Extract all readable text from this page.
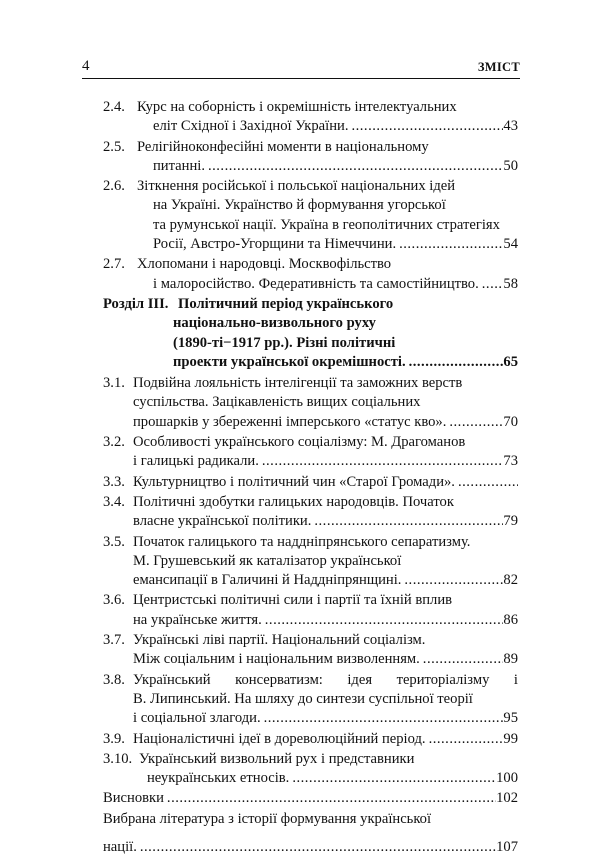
4	ЗМІСТ
2.4. Курс на соборність і окремішність інтелектуальних
еліт Східної і Західної України. .....	43
2.5. Релігійноконфесійні моменти в національному
питанні. .....	50
2.6. Зіткнення російської і польської національних ідей
на Україні. Українство й формування угорської
та румунської нації. Україна в геополітичних стратегіях
Росії, Австро-Угорщини та Німеччини. .....	54
2.7. Хлопомани і народовці. Москвофільство
і малоросійство. Федеративність та самостійництво. ..... 58
Розділ III. Політичний період українського
національно-визвольного руху
(1890-ті−1917 рр.). Різні політичні
проекти української окремішності. .....	65
3.1. Подвійна лояльність інтелігенції та заможних верств
суспільства. Зацікавленість вищих соціальних
прошарків у збереженні імперського «статус кво». .....	70
3.2. Особливості українського соціалізму: М. Драгоманов
і галицькі радикали. .....	73
3.3. Культурництво і політичний чин «Старої Громади».
.....
3.4. Політичні здобутки галицьких народовців. Початок
власне української політики. .....	79
3.5. Початок галицького та наддніпрянського сепаратизму.
М. Грушевський як каталізатор української
емансипації в Галичині й Наддніпрянщині. .....	82
3.6. Центристські політичні сили і партії та їхній вплив
на українське життя. .....	86
3.7. Українські ліві партії. Національний соціалізм.
Між соціальним і національним визволенням. .....	89
3.8. Український консерватизм: ідея територіалізму і
В. Липинський. На шляху до синтези суспільної теорії
і соціальної злагоди. .....	95
3.9. Націоналістичні ідеї в дореволюційний період. .....	99
3.10. Український визвольний рух і представники
неукраїнських етносів. .....	100
Висновки .....	102
Вибрана література з історії формування української
нації. .....	107
